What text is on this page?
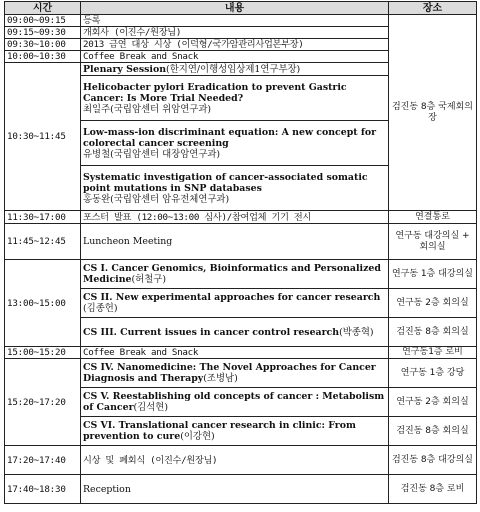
시간	내용	장소
09:00~09:15	등록	검진동 8층 국제회의장
09:15~09:30	개회사 (이진수/원장님)	
09:30~10:00	2013 금연 대상 시상 (이덕형/국가암관리사업본부장)	
10:00~10:30	Coffee Break and Snack	
10:30~11:45	Plenary Session(한지연/이행성임상제1연구부장)	

	Helicobacter pylori Eradication to prevent Gastric Cancer: Is More Trial Needed?
최일주(국립암센터 위암연구과)	

	Low-mass-ion discriminant equation: A new concept for colorectal cancer screening
유병철(국립암센터 대장암연구과)	

	Systematic investigation of cancer-associated somatic point mutations in SNP databases
홍동완(국립암센터 암유전체연구과)	

11:30~17:00	포스터 발표 (12:00~13:00 심사)/참여업체 기기 전시	연결통로
11:45~12:45	Luncheon Meeting	연구동 대강의실 + 회의실
13:00~15:00	CS I. Cancer Genomics, Bioinformatics and Personalized Medicine(허철구)	연구동 1층 대강의실
	CS II. New experimental approaches for cancer research (김종헌)	연구동 2층 회의실
	CS III. Current issues in cancer control research(박종혁)	검진동 8층 회의실
15:00~15:20	Coffee Break and Snack	연구동1층 로비
15:20~17:20	CS IV. Nanomedicine: The Novel Approaches for Cancer Diagnosis and Therapy(조병남)	연구동 1층 강당
	CS V. Reestablishing old concepts of cancer : Metabolism of Cancer(김석현)	연구동 2층 회의실
	CS VI. Translational cancer research in clinic: From prevention to cure(이강현)	검진동 8층 회의실
17:20~17:40	시상 및 폐회식 (이진수/원장님)	검진동 8층 대강의실
17:40~18:30	Reception	검진동 8층 로비
